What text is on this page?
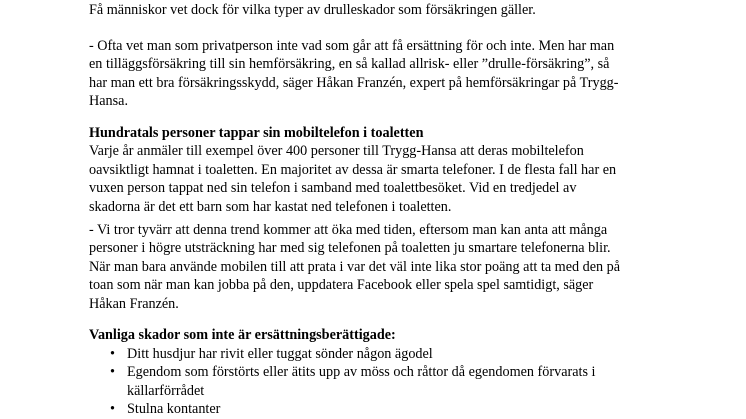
Få människor vet dock för vilka typer av drulleskador som försäkringen gäller.
- Ofta vet man som privatperson inte vad som går att få ersättning för och inte. Men har man
en tilläggsförsäkring till sin hemförsäkring, en så kallad allrisk- eller ”drulle-försäkring”, så
har man ett bra försäkringsskydd, säger Håkan Franzén, expert på hemförsäkringar på Trygg-
Hansa.
Hundratals personer tappar sin mobiltelefon i toaletten
Varje år anmäler till exempel över 400 personer till Trygg-Hansa att deras mobiltelefon
oavsiktligt hamnat i toaletten. En majoritet av dessa är smarta telefoner. I de flesta fall har en
vuxen person tappat ned sin telefon i samband med toalettbesöket. Vid en tredjedel av
skadorna är det ett barn som har kastat ned telefonen i toaletten.
- Vi tror tyvärr att denna trend kommer att öka med tiden, eftersom man kan anta att många
personer i högre utsträckning har med sig telefonen på toaletten ju smartare telefonerna blir.
När man bara använde mobilen till att prata i var det väl inte lika stor poäng att ta med den på
toan som när man kan jobba på den, uppdatera Facebook eller spela spel samtidigt, säger
Håkan Franzén.
Vanliga skador som inte är ersättningsberättigade:
• Ditt husdjur har rivit eller tuggat sönder någon ägodel
• Egendom som förstörts eller ätits upp av möss och råttor då egendomen förvarats i
källarförrådet
• Stulna kontanter
